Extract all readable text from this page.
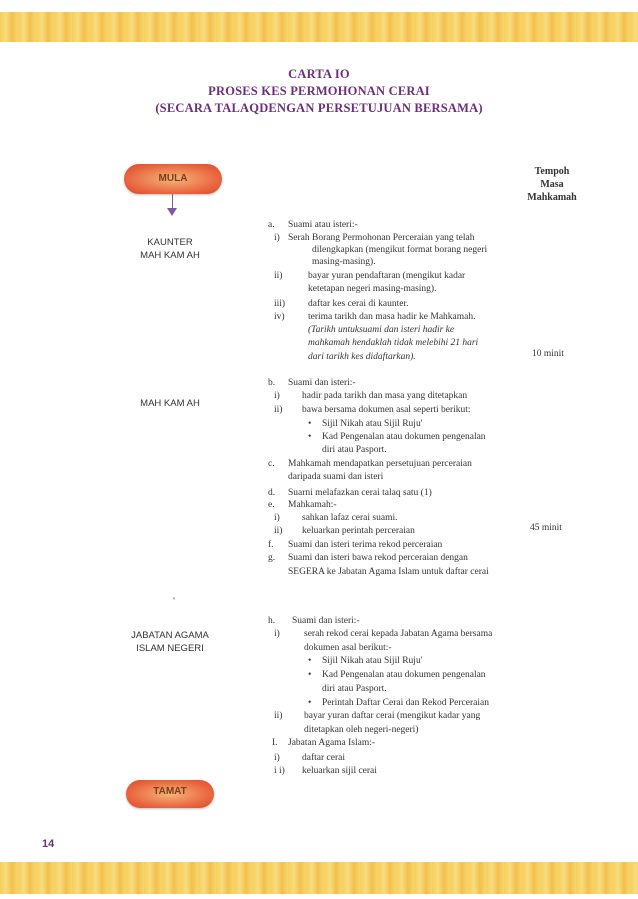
CARTA IO
PROSES KES PERMOHONAN CERAI
(SECARA TALAQDENGAN PERSETUJUAN BERSAMA)
MULA
KAUNTER
MAH KAM AH
MAH KAM AH
'
JABATAN AGAMA
ISLAM NEGERI
TAMAT
Tempoh
Masa
Mahkamah
10 minit
45 minit
a. Suami atau isteri:-
i) Serah Borang Permohonan Perceraian yang telah
dilengkapkan (mengikut format borang negeri
masing-masing).
ii)	bayar yuran pendaftaran (mengikut kadar
ketetapan negeri masing-masing).
iii) daftar kes cerai di kaunter.
iv) terima tarikh dan masa hadir ke Mahkamah.
(Tarikh untuksuami dan isteri hadir ke
mahkamah hendaklah tidak melebihi 21 hari
dari tarikh kes didaftarkan).
b. Suami dan isteri:-
i) hadir pada tarikh dan masa yang ditetapkan
ii) bawa bersama dokumen asal seperti berikut:
• Sijil Nikah atau Sijil Ruju'
• Kad Pengenalan atau dokumen pengenalan
diri atau Pasport.
c. Mahkamah mendapatkan persetujuan perceraian
daripada suami dan isteri
d. Suarni melafazkan cerai talaq satu (1)
e. Mahkamah:-
i) sahkan lafaz cerai suami.
ii) keluarkan perintah perceraian
f. Suami dan isteri terima rekod perceraian
g. Suami dan isteri bawa rekod perceraian dengan
SEGERA ke Jabatan Agama Islam untuk daftar cerai
h. Suami dan isteri:-
i)	serah rekod cerai kepada Jabatan Agama bersama
dokumen asal berikut:-
• Sijil Nikah atau Sijil Ruju'
• Kad Pengenalan atau dokumen pengenalan
diri atau Pasport.
• Perintah Daftar Cerai dan Rekod Perceraian
ii) bayar yuran daftar cerai (mengikut kadar yang
ditetapkan oleh negeri-negeri)
I. Jabatan Agama Islam:-
i) daftar cerai
i i) keluarkan sijil cerai
14
